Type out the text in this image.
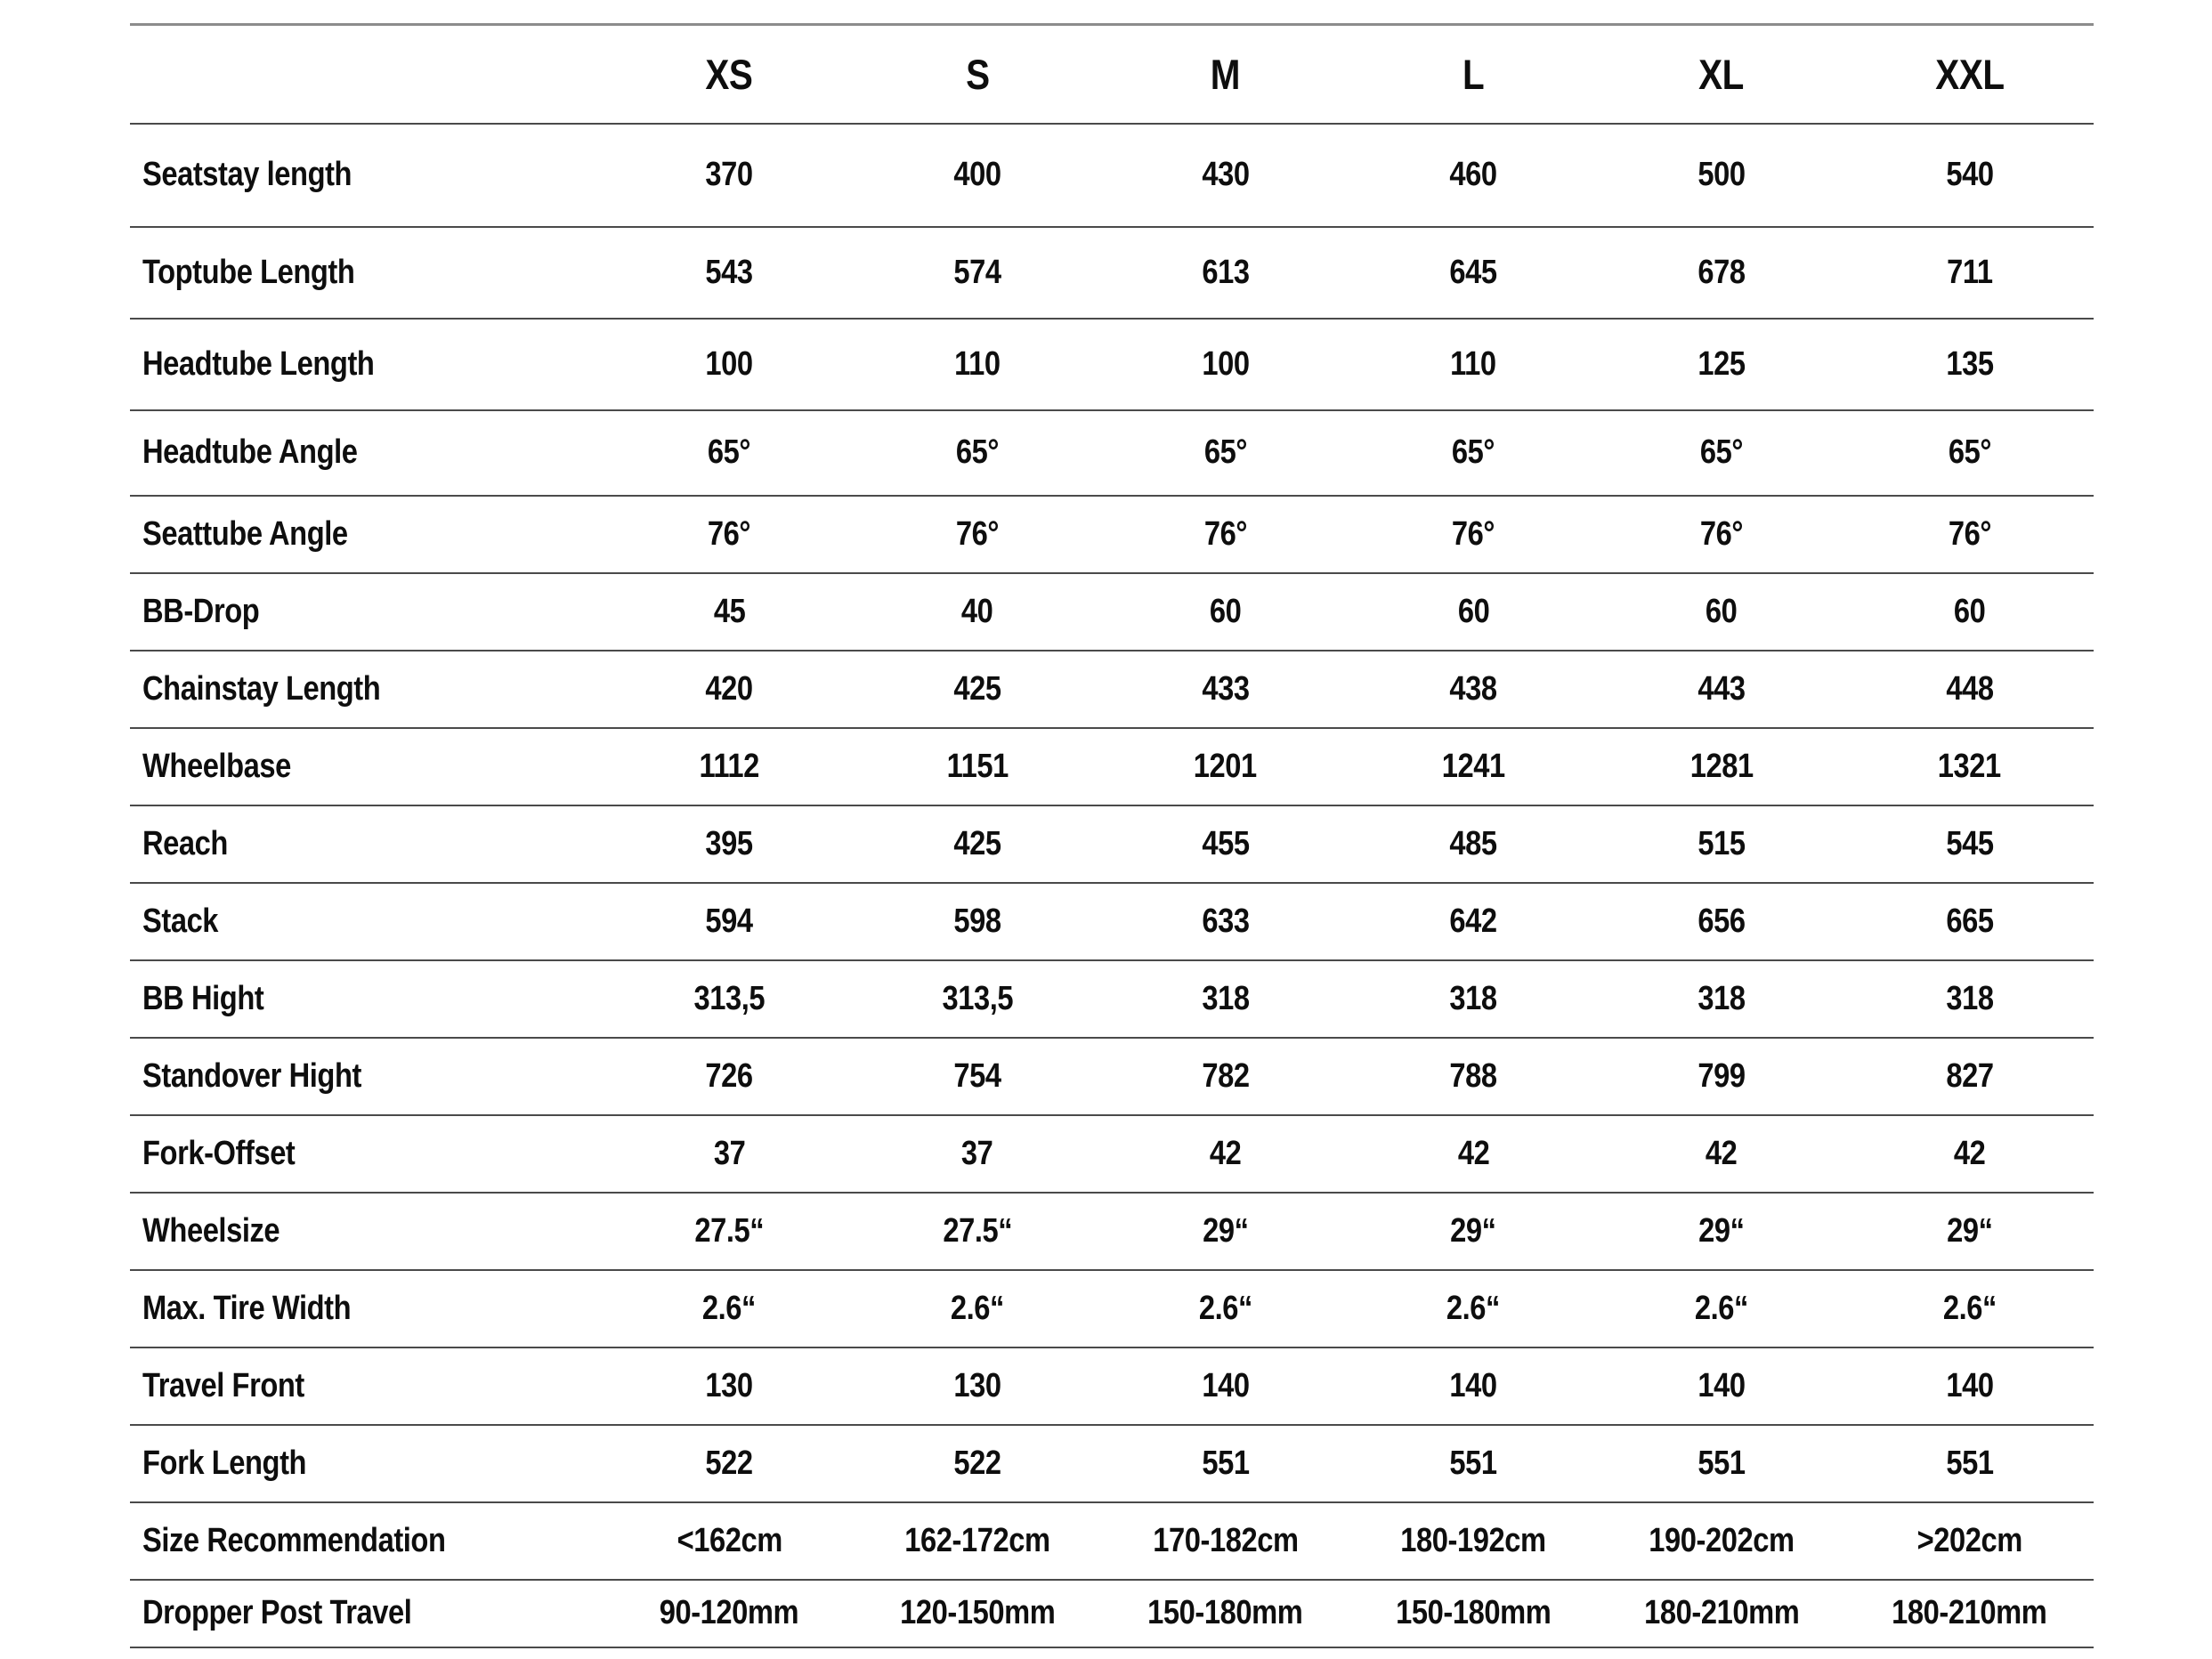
	XS	S	M	L	XL	XXL
Seatstay length	370	400	430	460	500	540
Toptube Length	543	574	613	645	678	711
Headtube Length	100	110	100	110	125	135
Headtube Angle	65°	65°	65°	65°	65°	65°
Seattube Angle	76°	76°	76°	76°	76°	76°
BB-Drop	45	40	60	60	60	60
Chainstay Length	420	425	433	438	443	448
Wheelbase	1112	1151	1201	1241	1281	1321
Reach	395	425	455	485	515	545
Stack	594	598	633	642	656	665
BB Hight	313,5	313,5	318	318	318	318
Standover Hight	726	754	782	788	799	827
Fork-Offset	37	37	42	42	42	42
Wheelsize	27.5“	27.5“	29“	29“	29“	29“
Max. Tire Width	2.6“	2.6“	2.6“	2.6“	2.6“	2.6“
Travel Front	130	130	140	140	140	140
Fork Length	522	522	551	551	551	551
Size Recommendation	<162cm	162-172cm	170-182cm	180-192cm	190-202cm	>202cm
Dropper Post Travel	90-120mm	120-150mm	150-180mm	150-180mm	180-210mm	180-210mm
